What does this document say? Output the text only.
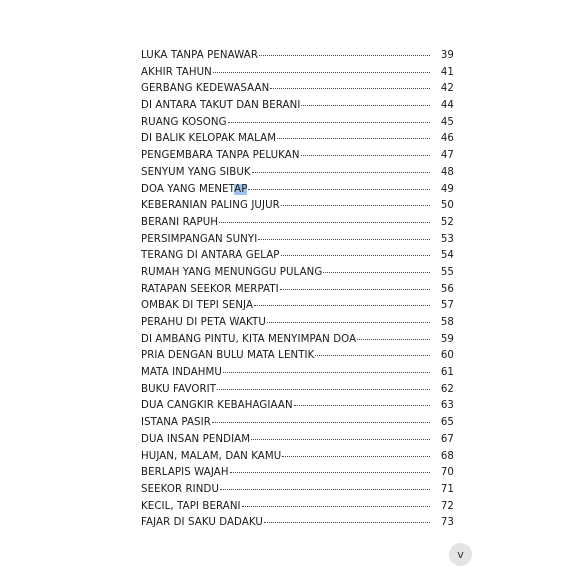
LUKA TANPA PENAWAR	39
AKHIR TAHUN	41
GERBANG KEDEWASAAN	42
DI ANTARA TAKUT DAN BERANI	44
RUANG KOSONG	45
DI BALIK KELOPAK MALAM	46
PENGEMBARA TANPA PELUKAN	47
SENYUM YANG SIBUK	48
DOA YANG MENETAP	49
KEBERANIAN PALING JUJUR	50
BERANI RAPUH	52
PERSIMPANGAN SUNYI	53
TERANG DI ANTARA GELAP	54
RUMAH YANG MENUNGGU PULANG	55
RATAPAN SEEKOR MERPATI	56
OMBAK DI TEPI SENJA	57
PERAHU DI PETA WAKTU	58
DI AMBANG PINTU, KITA MENYIMPAN DOA	59
PRIA DENGAN BULU MATA LENTIK	60
MATA INDAHMU	61
BUKU FAVORIT	62
DUA CANGKIR KEBAHAGIAAN	63
ISTANA PASIR	65
DUA INSAN PENDIAM	67
HUJAN, MALAM, DAN KAMU	68
BERLAPIS WAJAH	70
SEEKOR RINDU	71
KECIL, TAPI BERANI	72
FAJAR DI SAKU DADAKU	73
v
